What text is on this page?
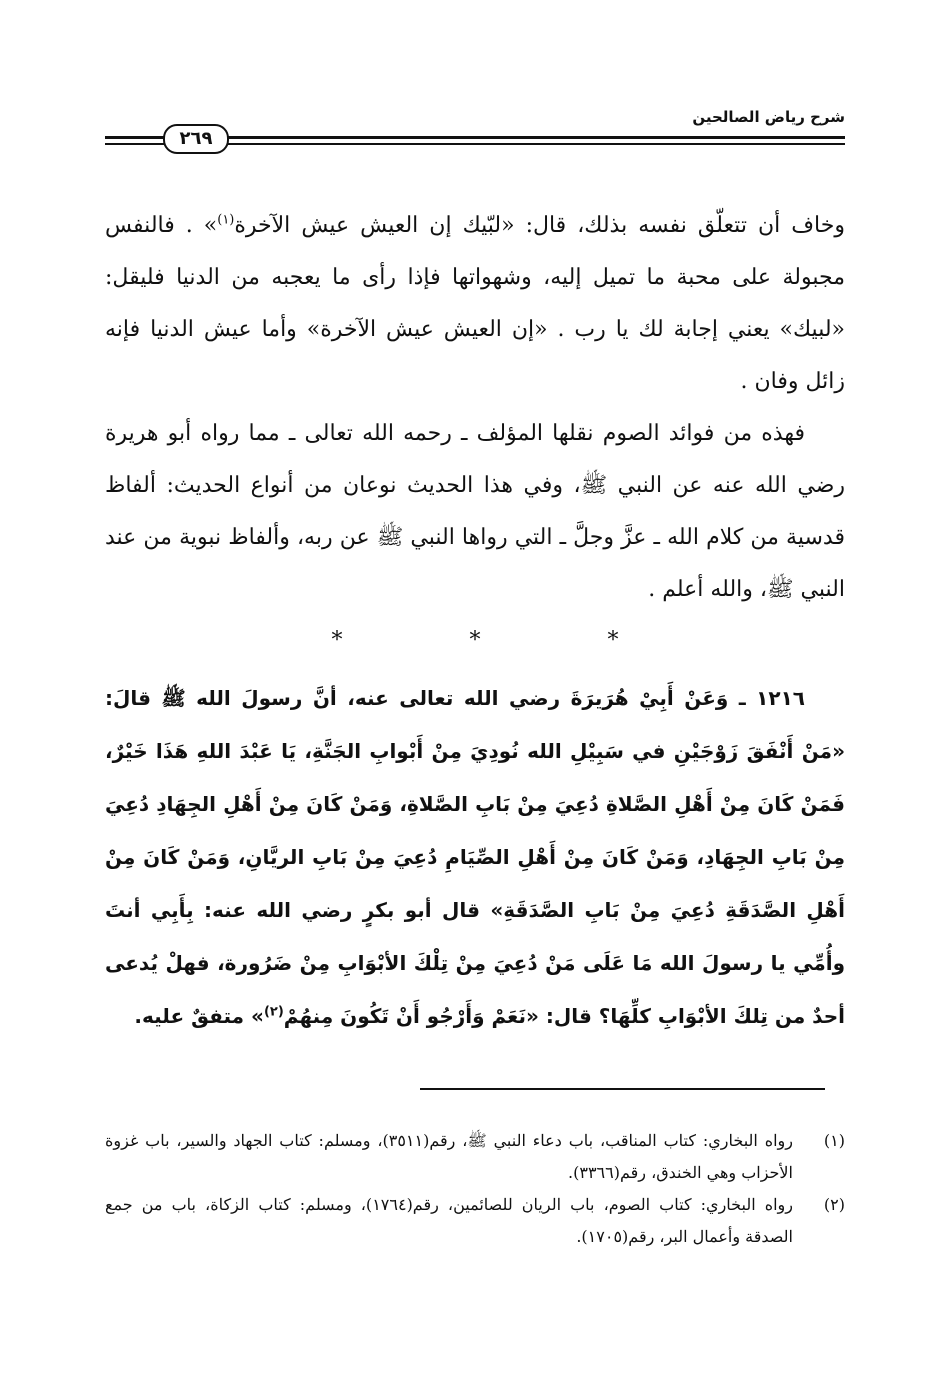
شرح رياض الصالحين
٢٦٩

وخاف أن تتعلّق نفسه بذلك، قال: «لبّيك إن العيش عيش الآخرة$^{(١)}$» . فالنفس مجبولة على محبة ما تميل إليه، وشهواتها فإذا رأى ما يعجبه من الدنيا فليقل: «لبيك» يعني إجابة لك يا رب . «إن العيش عيش الآخرة» وأما عيش الدنيا فإنه زائل وفان .

فهذه من فوائد الصوم نقلها المؤلف ـ رحمه الله تعالى ـ مما رواه أبو هريرة رضي الله عنه عن النبي ﷺ، وفي هذا الحديث نوعان من أنواع الحديث: ألفاظ قدسية من كلام الله ـ عزَّ وجلَّ ـ التي رواها النبي ﷺ عن ربه، وألفاظ نبوية من عند النبي ﷺ، والله أعلم .

* * *

١٢١٦ ـ وَعَنْ أَبِيْ هُرَيرَةَ رضي الله تعالى عنه، أنَّ رسولَ الله ﷺ قالَ: «مَنْ أَنْفَقَ زَوْجَيْنِ في سَبِيْلِ الله نُودِيَ مِنْ أَبْوابِ الجَنَّةِ، يَا عَبْدَ اللهِ هَذَا خَيْرٌ، فَمَنْ كَانَ مِنْ أَهْلِ الصَّلاةِ دُعِيَ مِنْ بَابِ الصَّلاةِ، وَمَنْ كَانَ مِنْ أَهْلِ الجِهَادِ دُعِيَ مِنْ بَابِ الجِهَادِ، وَمَنْ كَانَ مِنْ أَهْلِ الصِّيَامِ دُعِيَ مِنْ بَابِ الريَّانِ، وَمَنْ كَانَ مِنْ أَهْلِ الصَّدَقَةِ دُعِيَ مِنْ بَابِ الصَّدَقَةِ» قال أبو بكرٍ رضي الله عنه: بِأَبِي أنتَ وأُمِّي يا رسولَ الله مَا عَلَى مَنْ دُعِيَ مِنْ تِلْكَ الأبْوَابِ مِنْ ضَرُورة، فهلْ يُدعى أحدٌ من تِلكَ الأبْوَابِ كلِّهَا؟ قال: «نَعَمْ وَأَرْجُو أَنْ تَكُونَ مِنهُمْ$^{(٢)}$» متفقٌ عليه.

(١)
رواه البخاري: كتاب المناقب، باب دعاء النبي ﷺ، رقم(٣٥١١)، ومسلم: كتاب الجهاد والسير، باب غزوة الأحزاب وهي الخندق، رقم(٣٣٦٦).
(٢)
رواه البخاري: كتاب الصوم، باب الريان للصائمين، رقم(١٧٦٤)، ومسلم: كتاب الزكاة، باب من جمع الصدقة وأعمال البر، رقم(١٧٠٥).
